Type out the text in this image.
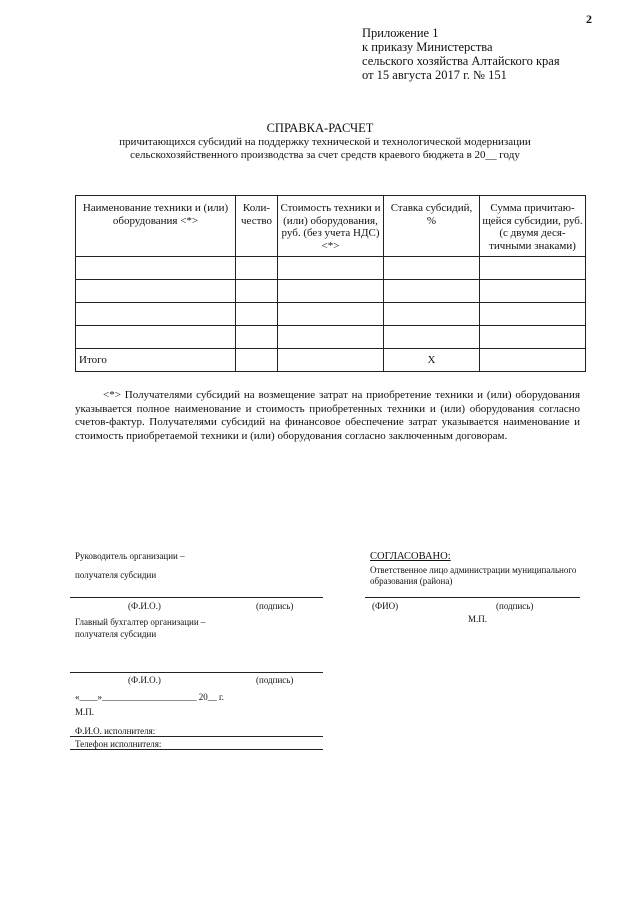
2
Приложение 1
к приказу Министерства
сельского хозяйства Алтайского края
от 15 августа 2017 г. № 151
СПРАВКА-РАСЧЕТ
причитающихся субсидий на поддержку технической и технологической модернизации сельскохозяйственного производства за счет средств краевого бюджета в 20__ году
Наименование техники и (или) оборудования <*>	Коли-чество	Стоимость техники и (или) оборудования, руб. (без учета НДС) <*>	Ставка субсидий, %	Сумма причитаю-щейся субсидии, руб. (с двумя деся-тичными знаками)

Итого			X	
<*> Получателями субсидий на возмещение затрат на приобретение техники и (или) оборудования указывается полное наименование и стоимость приобретенных техники и (или) оборудования согласно счетов-фактур. Получателями субсидий на финансовое обеспечение затрат указывается наименование и стоимость приобретаемой техники и (или) оборудования согласно заключенным договорам.
Руководитель организации –
получателя субсидии
(Ф.И.О.)	(подпись)
Главный бухгалтер организации –
получателя субсидии
(Ф.И.О.)	(подпись)
«____»_____________________ 20__ г.
М.П.
Ф.И.О. исполнителя:
Телефон исполнителя:
СОГЛАСОВАНО:
Ответственное лицо администрации муниципального
образования (района)
(ФИО)	(подпись)
М.П.
